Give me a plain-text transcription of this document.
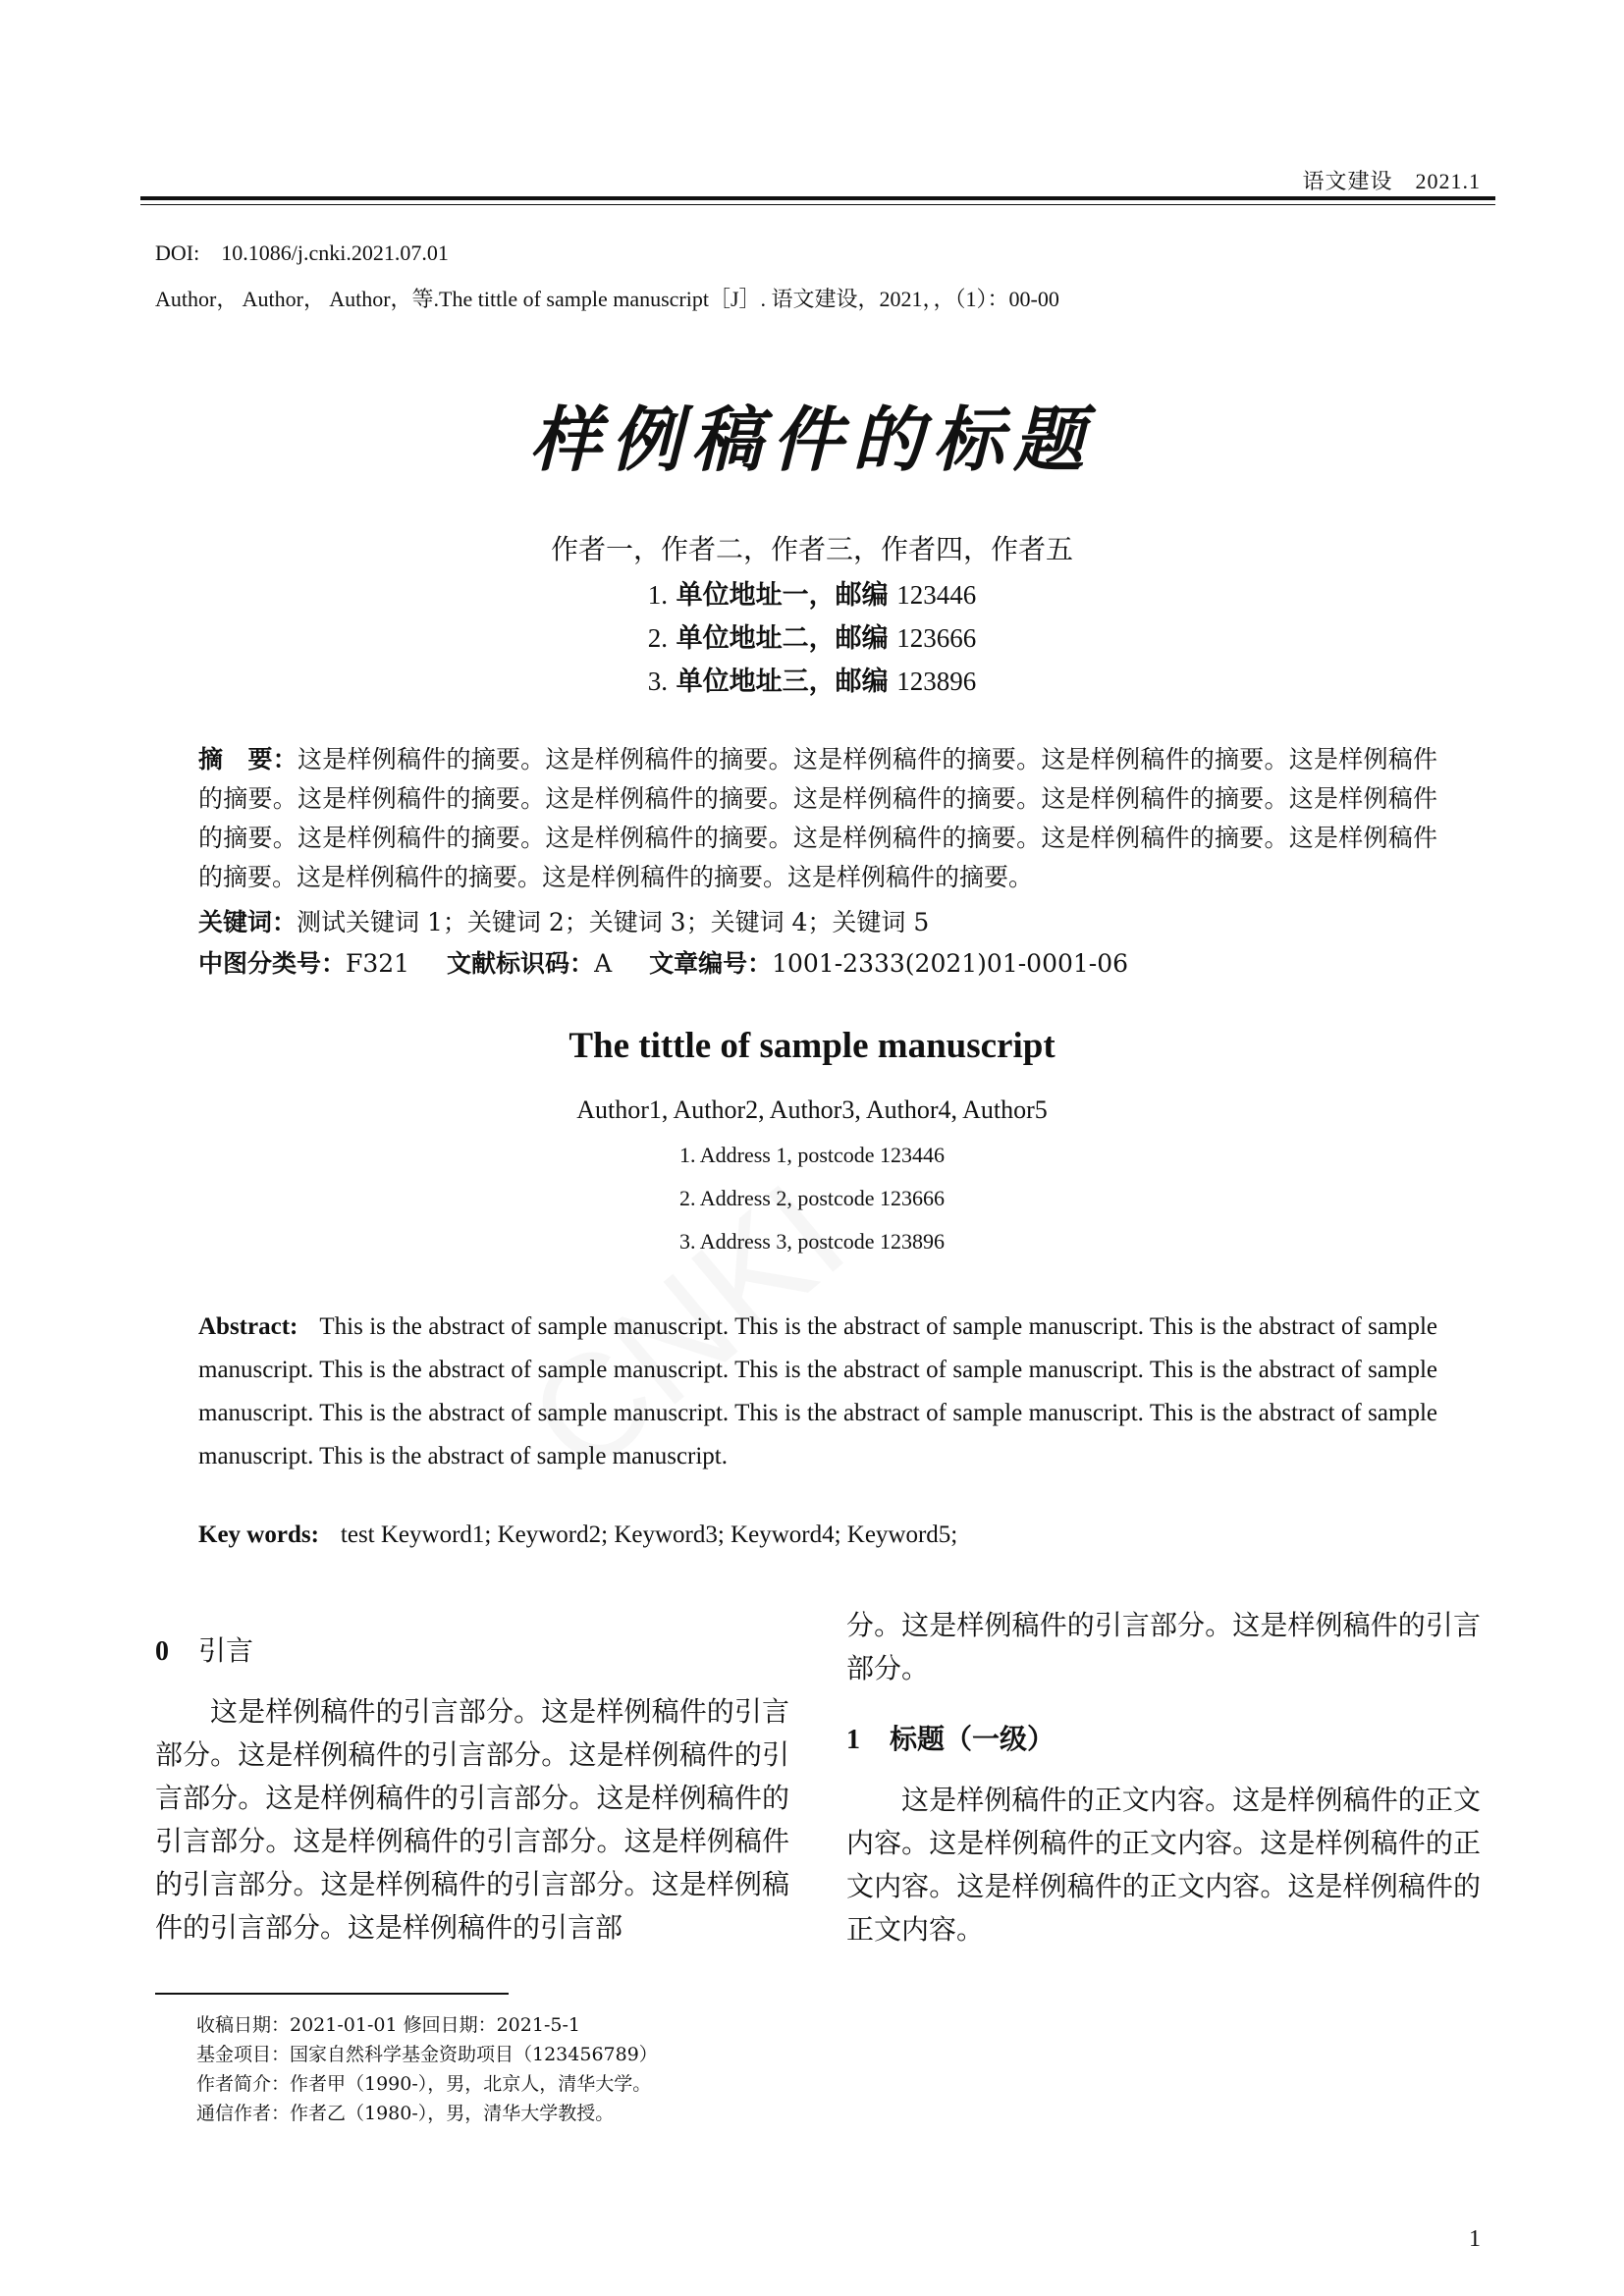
语文建设　2021.1
DOI: 10.1086/j.cnki.2021.07.01
Author， Author， Author，等.The tittle of sample manuscript［J］. 语文建设，2021，，（1）：00-00
样例稿件的标题
作者一，作者二，作者三，作者四，作者五
1. 单位地址一，邮编 123446
2. 单位地址二，邮编 123666
3. 单位地址三，邮编 123896
摘　要：这是样例稿件的摘要。这是样例稿件的摘要。这是样例稿件的摘要。这是样例稿件的摘要。这是样例稿件的摘要。这是样例稿件的摘要。这是样例稿件的摘要。这是样例稿件的摘要。这是样例稿件的摘要。这是样例稿件的摘要。这是样例稿件的摘要。这是样例稿件的摘要。这是样例稿件的摘要。这是样例稿件的摘要。这是样例稿件的摘要。这是样例稿件的摘要。这是样例稿件的摘要。这是样例稿件的摘要。
关键词：测试关键词 1；关键词 2；关键词 3；关键词 4；关键词 5
中图分类号：F321 文献标识码：A 文章编号：1001-2333(2021)01-0001-06
The tittle of sample manuscript
Author1, Author2, Author3, Author4, Author5
1. Address 1, postcode 123446
2. Address 2, postcode 123666
3. Address 3, postcode 123896
Abstract: This is the abstract of sample manuscript. This is the abstract of sample manuscript. This is the abstract of sample manuscript. This is the abstract of sample manuscript. This is the abstract of sample manuscript. This is the abstract of sample manuscript. This is the abstract of sample manuscript. This is the abstract of sample manuscript. This is the abstract of sample manuscript. This is the abstract of sample manuscript.
Key words: test Keyword1; Keyword2; Keyword3; Keyword4; Keyword5;
0 引言
这是样例稿件的引言部分。这是样例稿件的引言部分。这是样例稿件的引言部分。这是样例稿件的引言部分。这是样例稿件的引言部分。这是样例稿件的引言部分。这是样例稿件的引言部分。这是样例稿件的引言部分。这是样例稿件的引言部分。这是样例稿件的引言部分。这是样例稿件的引言部
分。这是样例稿件的引言部分。这是样例稿件的引言部分。
1 标题（一级）
这是样例稿件的正文内容。这是样例稿件的正文内容。这是样例稿件的正文内容。这是样例稿件的正文内容。这是样例稿件的正文内容。这是样例稿件的正文内容。
收稿日期：2021-01-01 修回日期：2021-5-1
基金项目：国家自然科学基金资助项目（123456789）
作者简介：作者甲（1990-），男，北京人，清华大学。
通信作者：作者乙（1980-），男，清华大学教授。
1
